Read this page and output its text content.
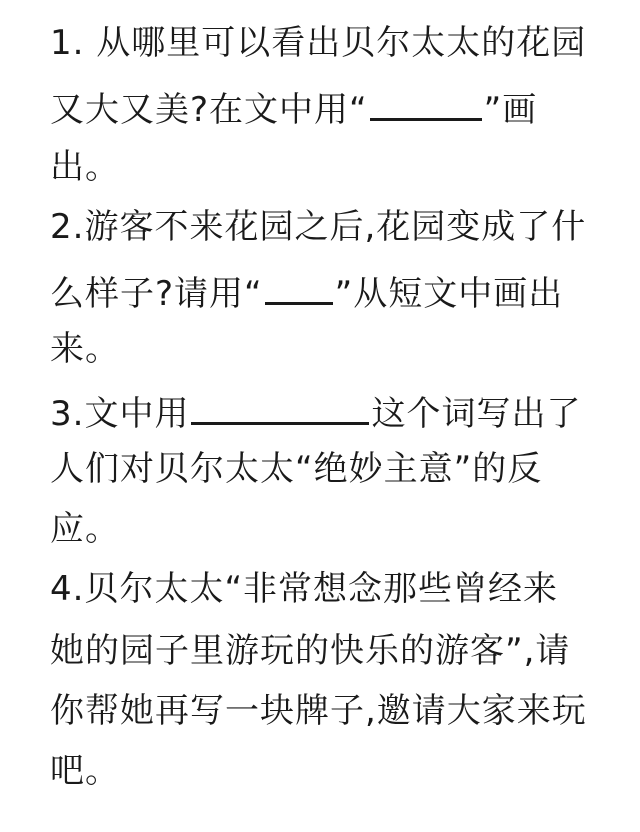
1. 从哪里可以看出贝尔太太的花园
又大又美?在文中用“	”画
出。
2.游客不来花园之后,花园变成了什
么样子?请用“ ”从短文中画出
来。
3.文中用	这个词写出了
人们对贝尔太太“绝妙主意”的反
应。
4.贝尔太太“非常想念那些曾经来
她的园子里游玩的快乐的游客”,请
你帮她再写一块牌子,邀请大家来玩
吧。
